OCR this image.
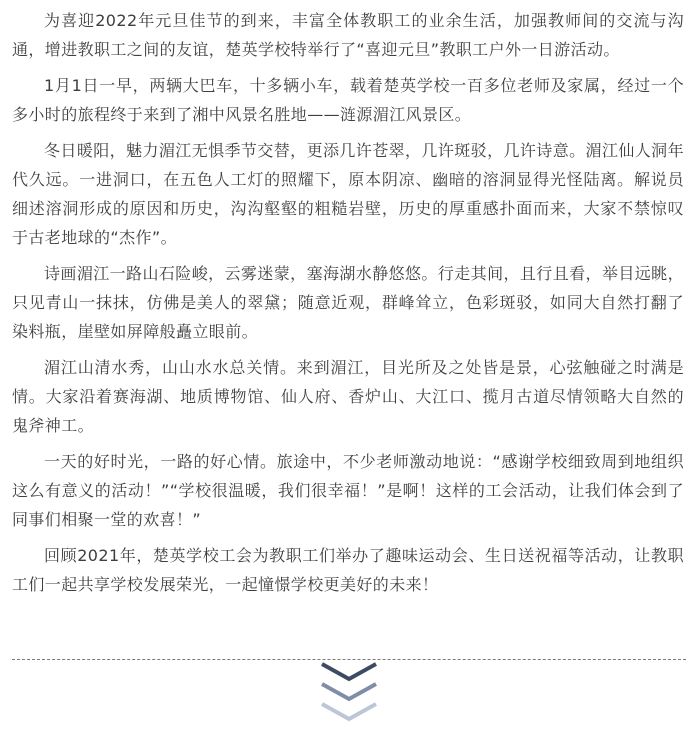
为喜迎2022年元旦佳节的到来，丰富全体教职工的业余生活，加强教师间的交流与沟通，增进教职工之间的友谊，楚英学校特举行了“喜迎元旦”教职工户外一日游活动。

1月1日一早，两辆大巴车，十多辆小车，载着楚英学校一百多位老师及家属，经过一个多小时的旅程终于来到了湘中风景名胜地——涟源湄江风景区。

冬日暖阳，魅力湄江无惧季节交替，更添几许苍翠，几许斑驳，几许诗意。湄江仙人洞年代久远。一进洞口，在五色人工灯的照耀下，原本阴凉、幽暗的溶洞显得光怪陆离。解说员细述溶洞形成的原因和历史，沟沟壑壑的粗糙岩壁，历史的厚重感扑面而来，大家不禁惊叹于古老地球的“杰作”。

诗画湄江一路山石险峻，云雾迷蒙，塞海湖水静悠悠。行走其间，且行且看，举目远眺，只见青山一抹抹，仿佛是美人的翠黛；随意近观，群峰耸立，色彩斑驳，如同大自然打翻了染料瓶，崖壁如屏障般矗立眼前。

湄江山清水秀，山山水水总关情。来到湄江，目光所及之处皆是景，心弦触碰之时满是情。大家沿着赛海湖、地质博物馆、仙人府、香炉山、大江口、揽月古道尽情领略大自然的鬼斧神工。

一天的好时光，一路的好心情。旅途中，不少老师激动地说：“感谢学校细致周到地组织这么有意义的活动！”“学校很温暖，我们很幸福！”是啊！这样的工会活动，让我们体会到了同事们相聚一堂的欢喜！”

回顾2021年，楚英学校工会为教职工们举办了趣味运动会、生日送祝福等活动，让教职工们一起共享学校发展荣光，一起憧憬学校更美好的未来！
